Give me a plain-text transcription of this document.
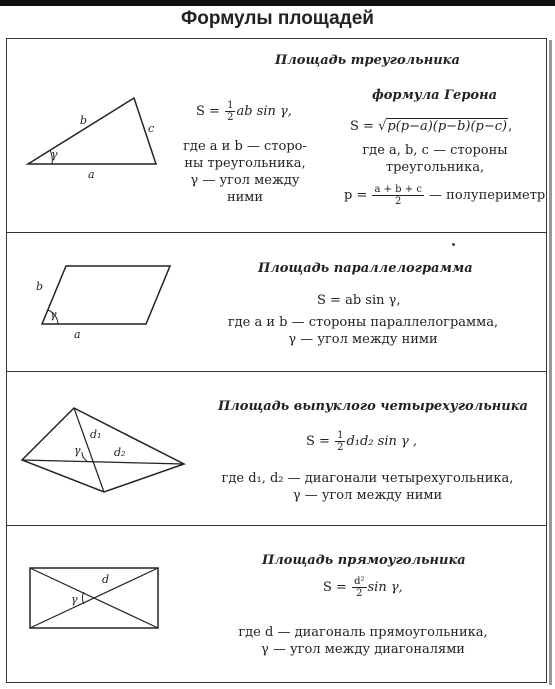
Формулы площадей
Площадь треугольника
γ
b
c
a
$S = \frac{1}{2}$ ab sin γ,
где a и b — сторо-
ны треугольника,
γ — угол между
ними
формула Герона
S = √p(p−a)(p−b)(p−c),
где a, b, c — стороны
треугольника,
$p = \frac{a + b + c}{2}$ — полупериметр
Площадь параллелограмма
γ
b
a
S = ab sin γ,
где a и b — стороны параллелограмма,
γ — угол между ними
Площадь выпуклого четырехугольника
γ
d₁
d₂
$S = \frac{1}{2} d_1d_2$ sin γ ,
где d₁, d₂ — диагонали четырехугольника,
γ — угол между ними
Площадь прямоугольника
γ
d
$S = \frac{\text{d²}}{2}$ sin γ,
где d — диагональ прямоугольника,
γ — угол между диагоналями
